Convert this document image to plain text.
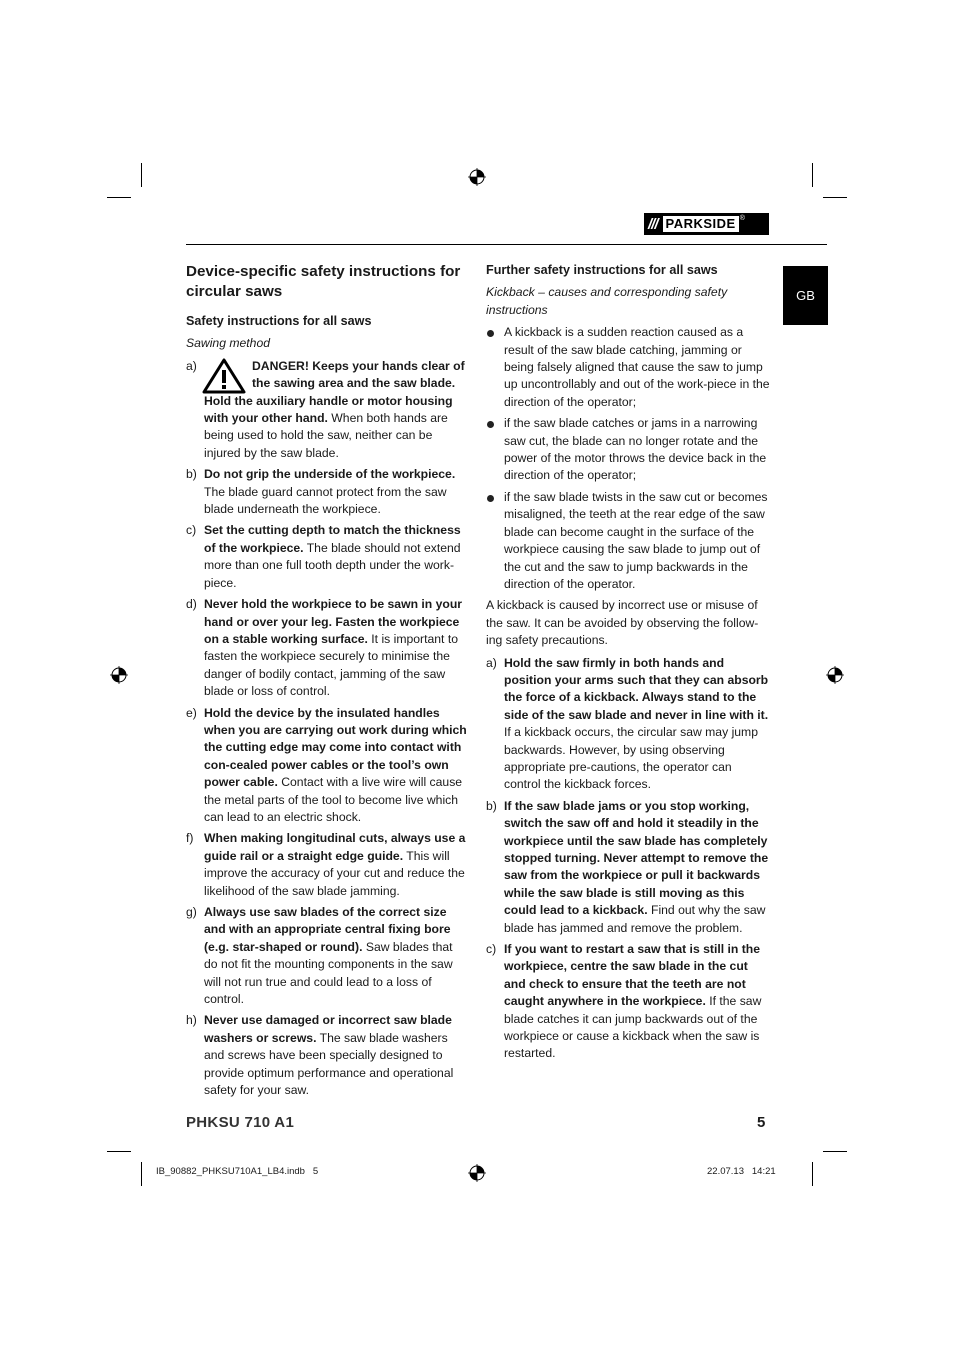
/// PARKSIDE ®
GB
Device-specific safety instructions for circular saws
Safety instructions for all saws
Sawing method
a)	DANGER! Keeps your hands clear of the sawing area and the saw blade. Hold the auxiliary handle or motor housing with your other hand. When both hands are being used to hold the saw, neither can be injured by the saw blade.
b) Do not grip the underside of the workpiece. The blade guard cannot protect from the saw blade underneath the workpiece.
c) Set the cutting depth to match the thickness of the workpiece. The blade should not extend more than one full tooth depth under the work-piece.
d) Never hold the workpiece to be sawn in your hand or over your leg. Fasten the workpiece on a stable working surface. It is important to fasten the workpiece securely to minimise the danger of bodily contact, jamming of the saw blade or loss of control.
e) Hold the device by the insulated handles when you are carrying out work during which the cutting edge may come into contact with con-cealed power cables or the tool’s own power cable. Contact with a live wire will cause the metal parts of the tool to become live which can lead to an electric shock.
f) When making longitudinal cuts, always use a guide rail or a straight edge guide. This will improve the accuracy of your cut and reduce the likelihood of the saw blade jamming.
g) Always use saw blades of the correct size and with an appropriate central fixing bore (e.g. star-shaped or round). Saw blades that do not fit the mounting components in the saw will not run true and could lead to a loss of control.
h) Never use damaged or incorrect saw blade washers or screws. The saw blade washers and screws have been specially designed to provide optimum performance and operational safety for your saw.
Further safety instructions for all saws
Kickback – causes and corresponding safety instructions
A kickback is a sudden reaction caused as a result of the saw blade catching, jamming or being falsely aligned that cause the saw to jump up uncontrollably and out of the work-piece in the direction of the operator;
if the saw blade catches or jams in a narrowing saw cut, the blade can no longer rotate and the power of the motor throws the device back in the direction of the operator;
if the saw blade twists in the saw cut or becomes misaligned, the teeth at the rear edge of the saw blade can become caught in the surface of the workpiece causing the saw blade to jump out of the cut and the saw to jump backwards in the direction of the operator.
A kickback is caused by incorrect use or misuse of the saw. It can be avoided by observing the follow-ing safety precautions.
a) Hold the saw firmly in both hands and position your arms such that they can absorb the force of a kickback. Always stand to the side of the saw blade and never in line with it. If a kickback occurs, the circular saw may jump backwards. However, by using observing appropriate pre-cautions, the operator can control the kickback forces.
b) If the saw blade jams or you stop working, switch the saw off and hold it steadily in the workpiece until the saw blade has completely stopped turning. Never attempt to remove the saw from the workpiece or pull it backwards while the saw blade is still moving as this could lead to a kickback. Find out why the saw blade has jammed and remove the problem.
c) If you want to restart a saw that is still in the workpiece, centre the saw blade in the cut and check to ensure that the teeth are not caught anywhere in the workpiece. If the saw blade catches it can jump backwards out of the workpiece or cause a kickback when the saw is restarted.
PHKSU 710 A1	5
IB_90882_PHKSU710A1_LB4.indb   5	22.07.13   14:21
